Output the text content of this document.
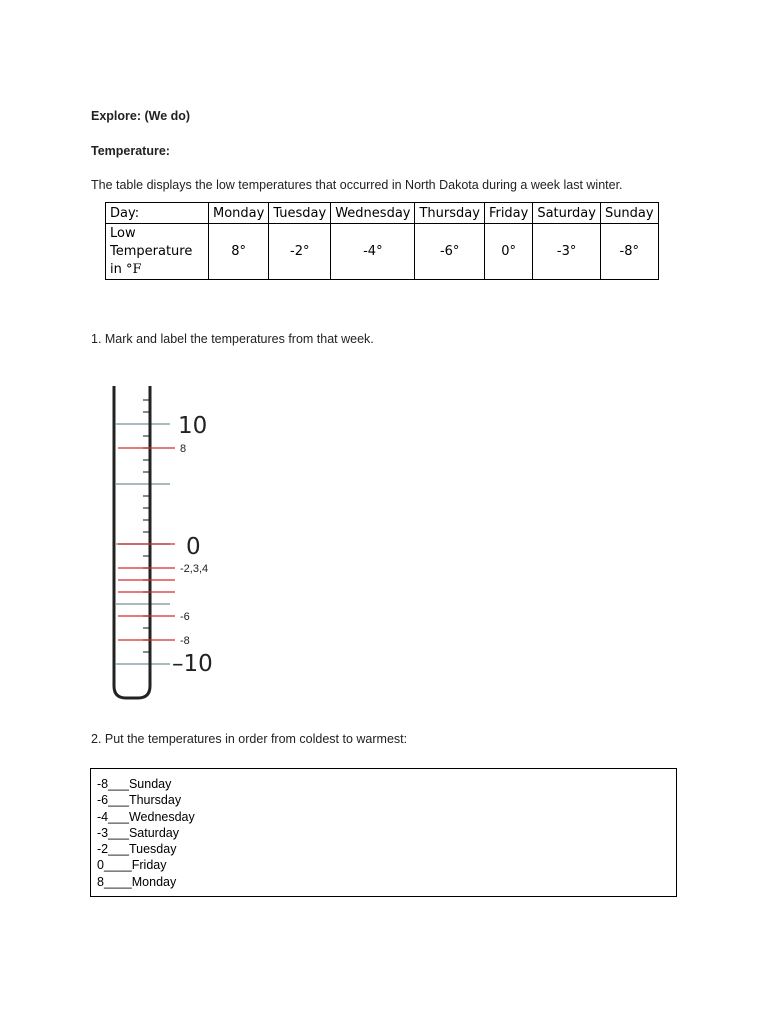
Explore: (We do)
Temperature:
The table displays the low temperatures that occurred in North Dakota during a week last winter.
Day:	Monday	Tuesday	Wednesday	Thursday	Friday	Saturday	Sunday

Low
Temperature
in °F	8°	-2°	-4°	-6°	0°	-3°	-8°
1. Mark and label the temperatures from that week.
8
-2,3,4
-6
-8
10
0
–10
2. Put the temperatures in order from coldest to warmest:
-8___Sunday
-6___Thursday
-4___Wednesday
-3___Saturday
-2___Tuesday
0____Friday
8____Monday
